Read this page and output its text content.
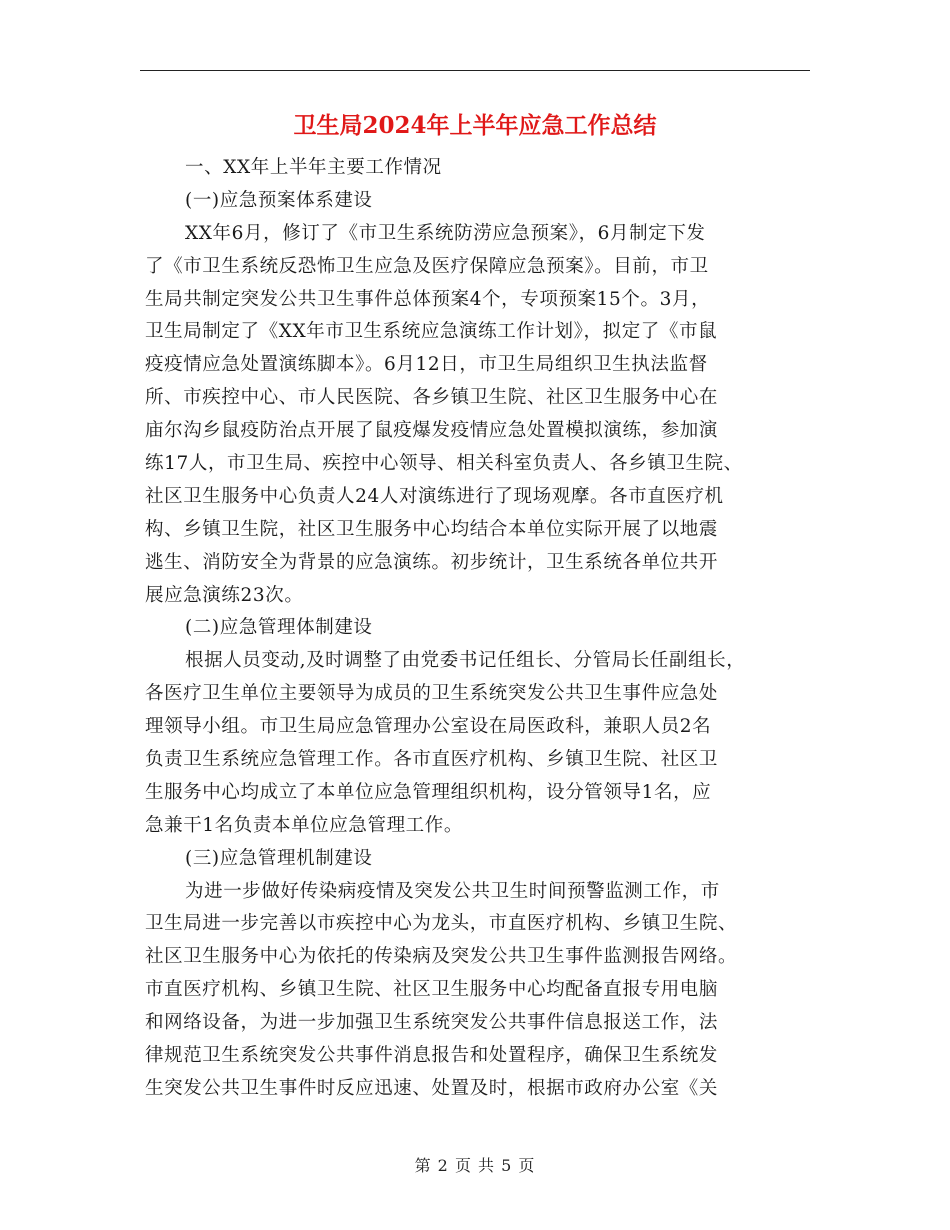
卫生局2024年上半年应急工作总结
一、XX年上半年主要工作情况
(一)应急预案体系建设
XX年6月，修订了《市卫生系统防涝应急预案》，6月制定下发
了《市卫生系统反恐怖卫生应急及医疗保障应急预案》。目前，市卫
生局共制定突发公共卫生事件总体预案4个，专项预案15个。3月，
卫生局制定了《XX年市卫生系统应急演练工作计划》，拟定了《市鼠
疫疫情应急处置演练脚本》。6月12日，市卫生局组织卫生执法监督
所、市疾控中心、市人民医院、各乡镇卫生院、社区卫生服务中心在
庙尔沟乡鼠疫防治点开展了鼠疫爆发疫情应急处置模拟演练，参加演
练17人，市卫生局、疾控中心领导、相关科室负责人、各乡镇卫生院、
社区卫生服务中心负责人24人对演练进行了现场观摩。各市直医疗机
构、乡镇卫生院，社区卫生服务中心均结合本单位实际开展了以地震
逃生、消防安全为背景的应急演练。初步统计，卫生系统各单位共开
展应急演练23次。
(二)应急管理体制建设
根据人员变动,及时调整了由党委书记任组长、分管局长任副组长，
各医疗卫生单位主要领导为成员的卫生系统突发公共卫生事件应急处
理领导小组。市卫生局应急管理办公室设在局医政科，兼职人员2名
负责卫生系统应急管理工作。各市直医疗机构、乡镇卫生院、社区卫
生服务中心均成立了本单位应急管理组织机构，设分管领导1名，应
急兼干1名负责本单位应急管理工作。
(三)应急管理机制建设
为进一步做好传染病疫情及突发公共卫生时间预警监测工作，市
卫生局进一步完善以市疾控中心为龙头，市直医疗机构、乡镇卫生院、
社区卫生服务中心为依托的传染病及突发公共卫生事件监测报告网络。
市直医疗机构、乡镇卫生院、社区卫生服务中心均配备直报专用电脑
和网络设备，为进一步加强卫生系统突发公共事件信息报送工作，法
律规范卫生系统突发公共事件消息报告和处置程序，确保卫生系统发
生突发公共卫生事件时反应迅速、处置及时，根据市政府办公室《关
第 2 页 共 5 页
